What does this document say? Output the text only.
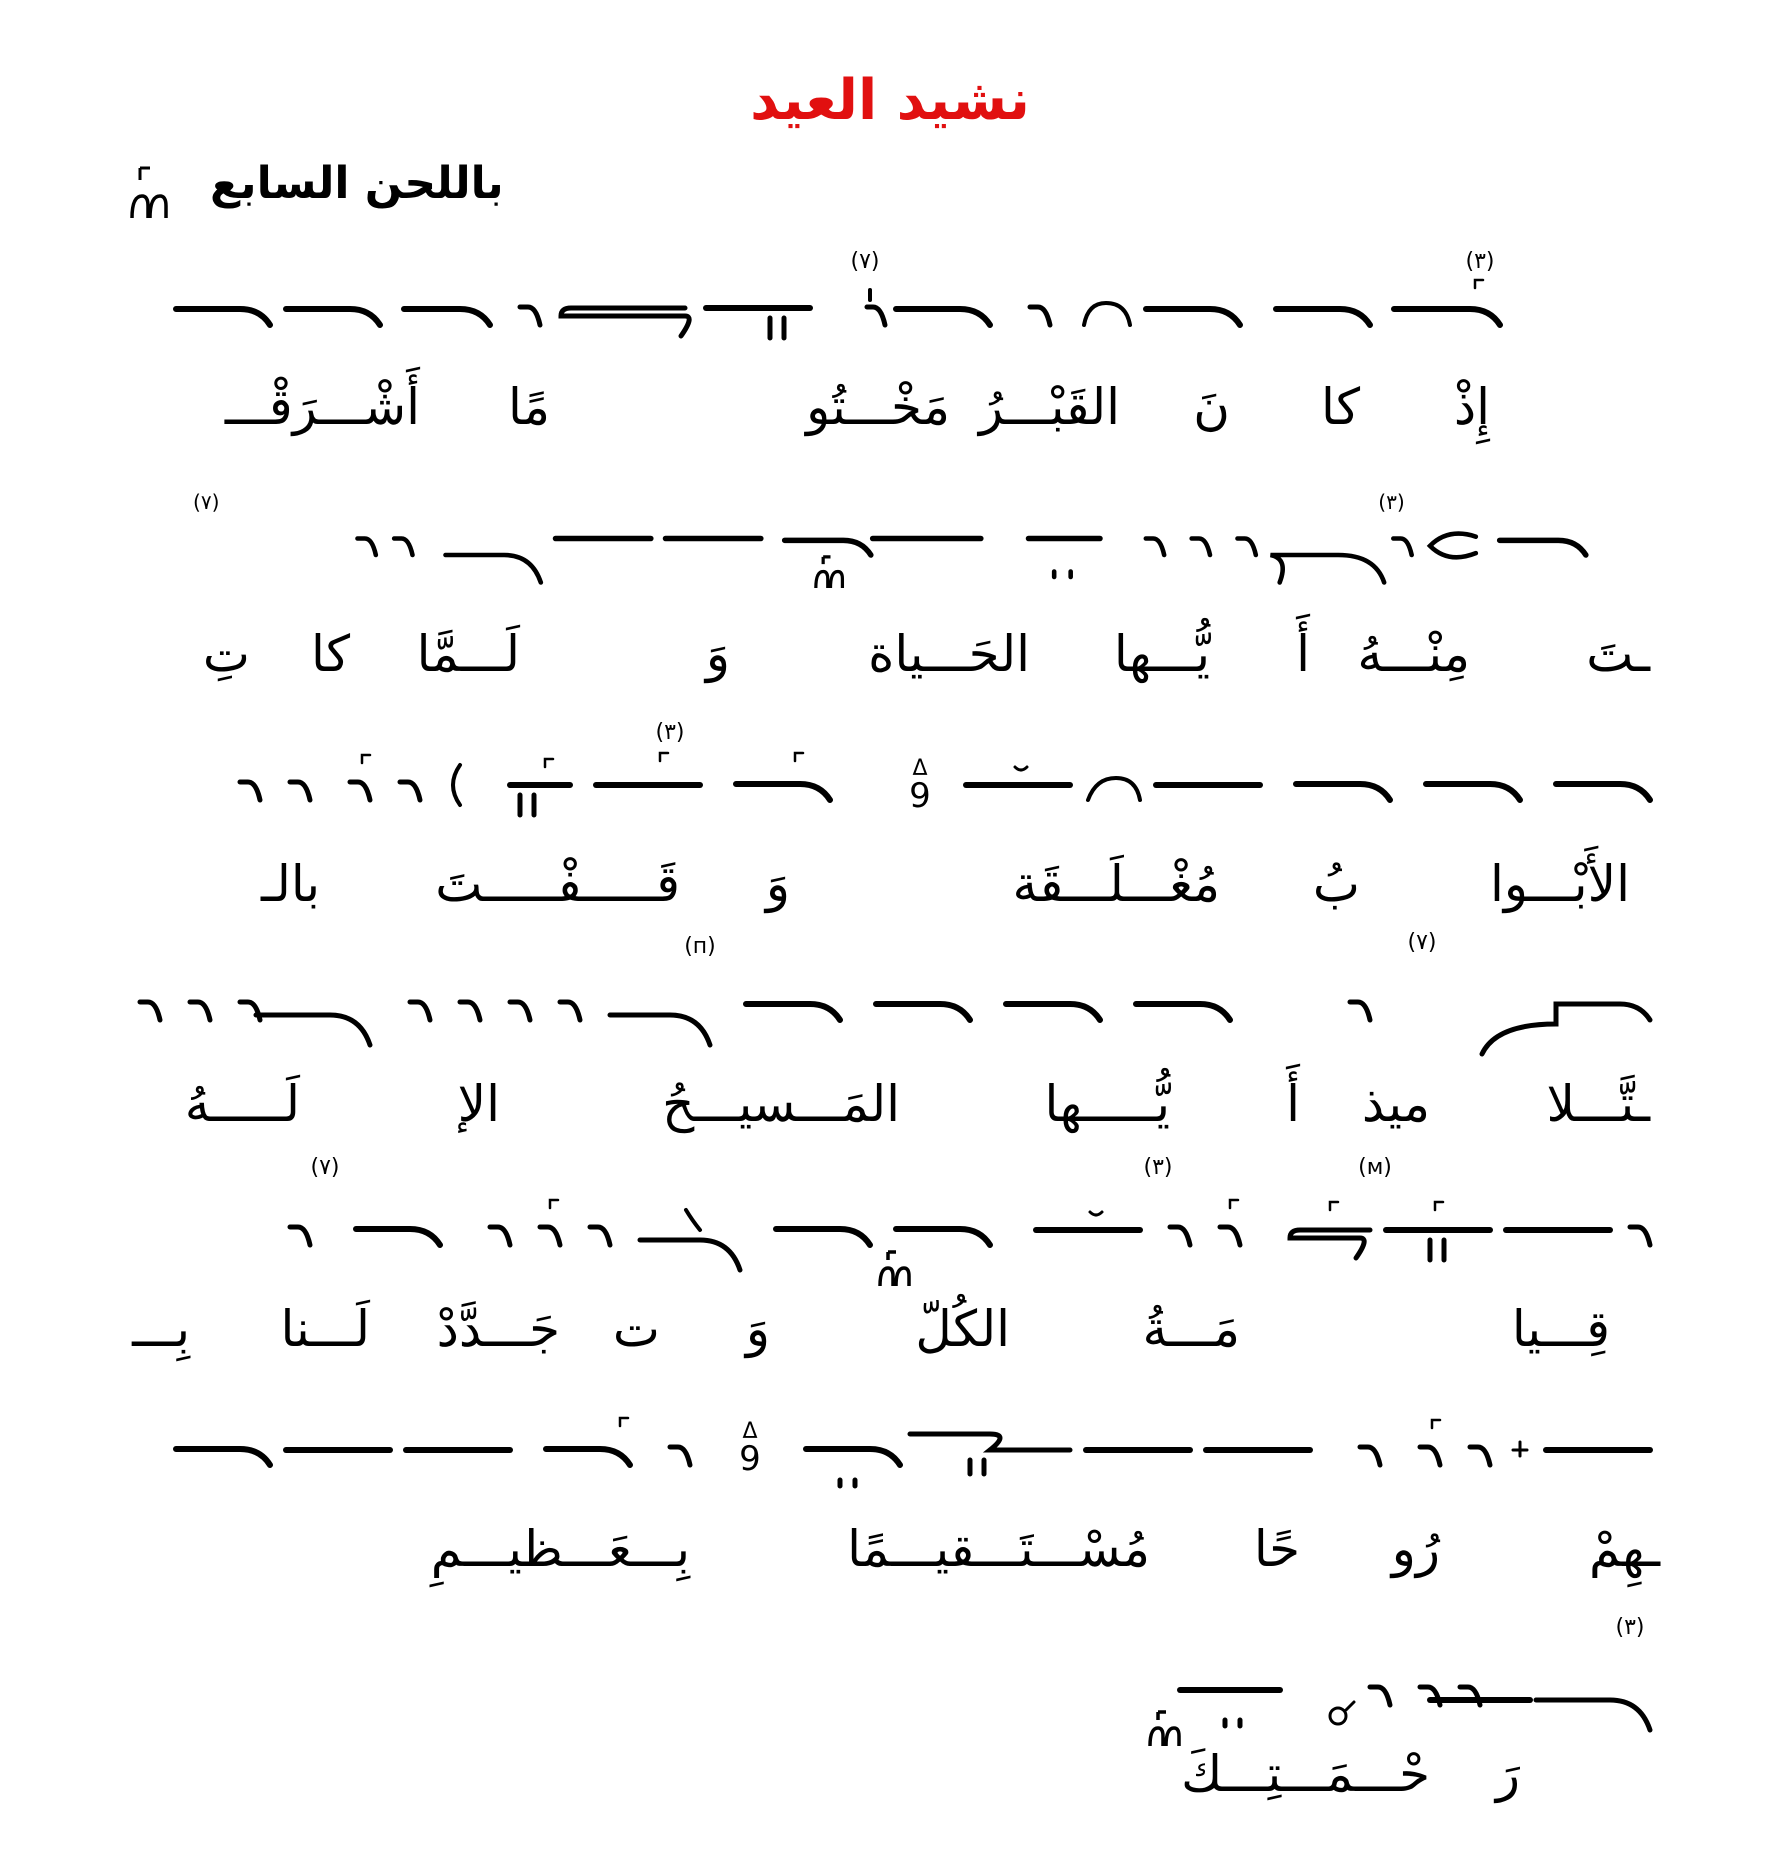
نشيد العيد
باللحن السابع
(٣)
(٧)
إِذْ
كا
نَ
القَبْـــرُ
مَخْـــتُو
مًا
أَشْـــرَقْـــ
(٣)
(٧)
تِ كا لَـــمَّا	وَ	الحَـــياة يُّـــها أَ مِنْـــهُ ـتَ
(٣)
Δ
9
بالـ قَـــــفْـــــتَ وَ	مُغْـــلَـــقَة بُ	الأَبْـــوا
(٧)
(п)
لَـــــهُ	الإ	المَـــسيـــحُ	يُّـــــها أَ ميذ ـتَّـــلا
(м)
(٣)
(٧)
بِـــ لَـــنا جَـــدَّدْ ت وَ	الكُلّ	مَـــةُ	قِـــيا
Δ
9
ـهِمْ
رُو
حًا
مُسْـــتَـــقيـــمًا
بِـــعَـــظيـــمِ
(٣)
رَ
حْـــمَـــتِـــكَ
